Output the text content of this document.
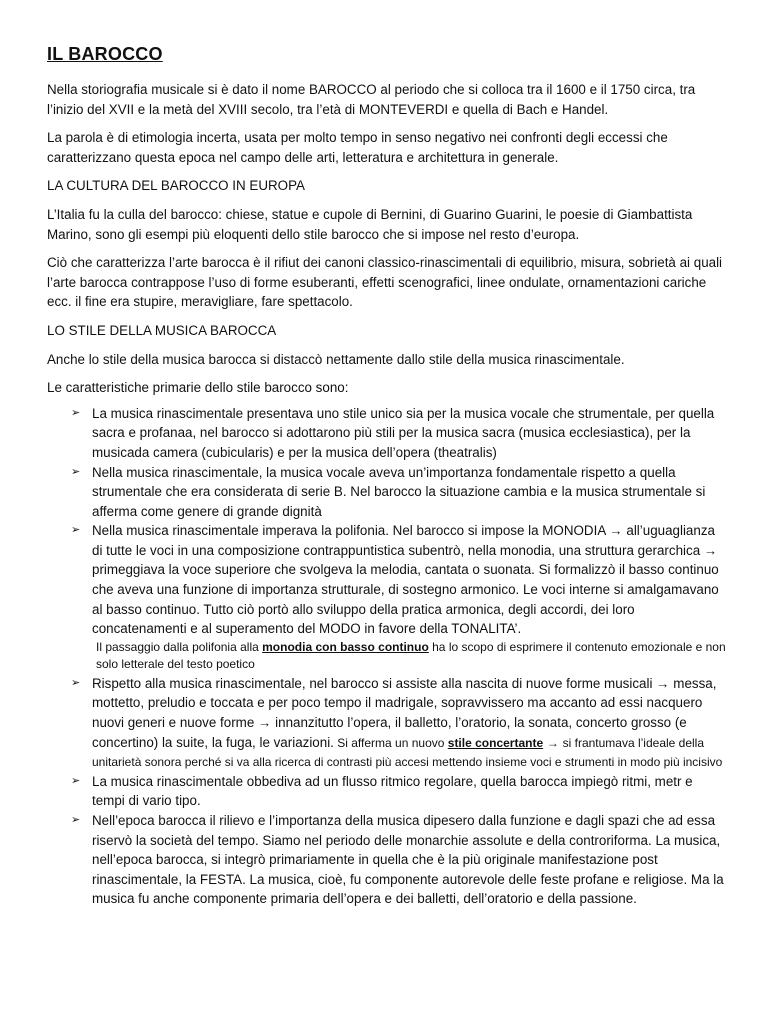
IL BAROCCO

Nella storiografia musicale si è dato il nome BAROCCO al periodo che si colloca tra il 1600 e il 1750 circa, tra l’inizio del XVII e la metà del XVIII secolo, tra l’età di MONTEVERDI e quella di Bach e Handel.

La parola è di etimologia incerta, usata per molto tempo in senso negativo nei confronti degli eccessi che caratterizzano questa epoca nel campo delle arti, letteratura e architettura in generale.

LA CULTURA DEL BAROCCO IN EUROPA

L’Italia fu la culla del barocco: chiese, statue e cupole di Bernini, di Guarino Guarini, le poesie di Giambattista Marino, sono gli esempi più eloquenti dello stile barocco che si impose nel resto d’europa.

Ciò che caratterizza l’arte barocca è il rifiut dei canoni classico-rinascimentali di equilibrio, misura, sobrietà ai quali l’arte barocca contrappose l’uso di forme esuberanti, effetti scenografici, linee ondulate, ornamentazioni cariche ecc. il fine era stupire, meravigliare, fare spettacolo.

LO STILE DELLA MUSICA BAROCCA

Anche lo stile della musica barocca si distaccò nettamente dallo stile della musica rinascimentale.

Le caratteristiche primarie dello stile barocco sono:

➢ La musica rinascimentale presentava uno stile unico sia per la musica vocale che strumentale, per quella sacra e profanaa, nel barocco si adottarono più stili per la musica sacra (musica ecclesiastica), per la musicada camera (cubicularis) e per la musica dell’opera (theatralis)
➢ Nella musica rinascimentale, la musica vocale aveva un’importanza fondamentale rispetto a quella strumentale che era considerata di serie B. Nel barocco la situazione cambia e la musica strumentale si afferma come genere di grande dignità
➢ Nella musica rinascimentale imperava la polifonia. Nel barocco si impose la MONODIA → all’uguaglianza di tutte le voci in una composizione contrappuntistica subentrò, nella monodia, una struttura gerarchica → primeggiava la voce superiore che svolgeva la melodia, cantata o suonata. Si formalizzò il basso continuo che aveva una funzione di importanza strutturale, di sostegno armonico. Le voci interne si amalgamavano al basso continuo. Tutto ciò portò allo sviluppo della pratica armonica, degli accordi, dei loro concatenamenti e al superamento del MODO in favore della TONALITA’.
Il passaggio dalla polifonia alla monodia con basso continuo ha lo scopo di esprimere il contenuto emozionale e non solo letterale del testo poetico
➢ Rispetto alla musica rinascimentale, nel barocco si assiste alla nascita di nuove forme musicali → messa, mottetto, preludio e toccata e per poco tempo il madrigale, sopravvissero ma accanto ad essi nacquero nuovi generi e nuove forme → innanzitutto l’opera, il balletto, l’oratorio, la sonata, concerto grosso (e concertino) la suite, la fuga, le variazioni. Si afferma un nuovo stile concertante → si frantumava l’ideale della unitarietà sonora perché si va alla ricerca di contrasti più accesi mettendo insieme voci e strumenti in modo più incisivo
➢ La musica rinascimentale obbediva ad un flusso ritmico regolare, quella barocca impiegò ritmi, metr e tempi di vario tipo.
➢ Nell’epoca barocca il rilievo e l’importanza della musica dipesero dalla funzione e dagli spazi che ad essa riservò la società del tempo. Siamo nel periodo delle monarchie assolute e della controriforma. La musica, nell’epoca barocca, si integrò primariamente in quella che è la più originale manifestazione post rinascimentale, la FESTA. La musica, cioè, fu componente autorevole delle feste profane e religiose. Ma la musica fu anche componente primaria dell’opera e dei balletti, dell’oratorio e della passione.
